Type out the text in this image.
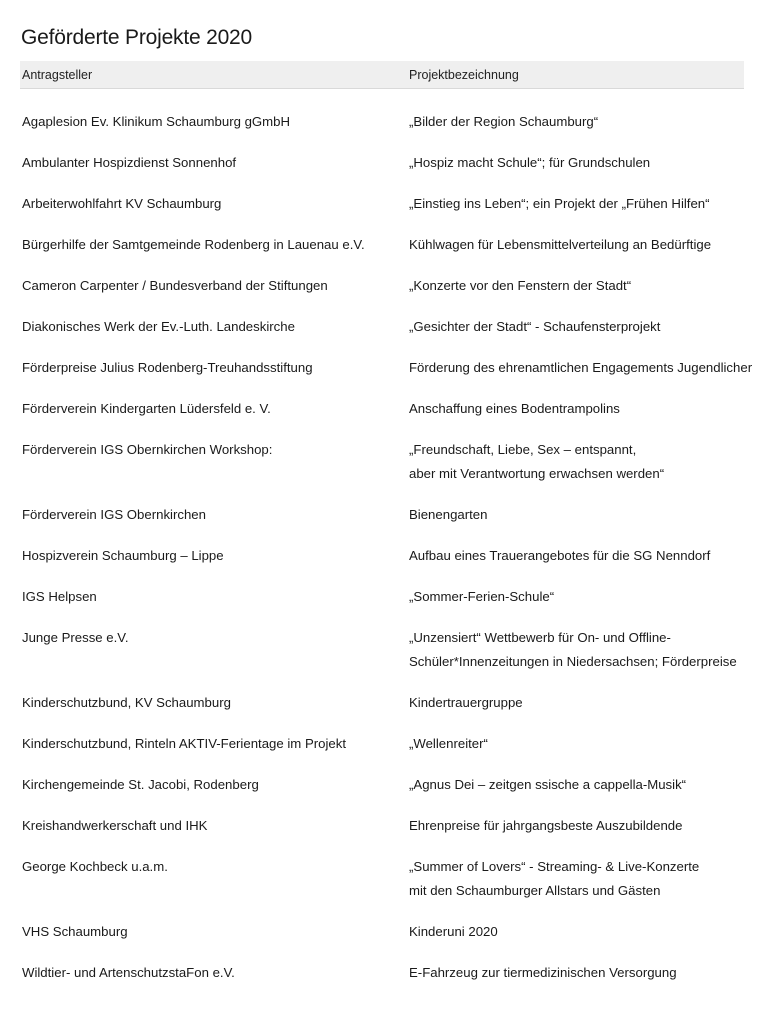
Geförderte Projekte 2020
Antragsteller	Projektbezeichnung
Agaplesion Ev. Klinikum Schaumburg gGmbH	„Bilder der Region Schaumburg“
Ambulanter Hospizdienst Sonnenhof	„Hospiz macht Schule“; für Grundschulen
Arbeiterwohlfahrt KV Schaumburg	„Einstieg ins Leben“; ein Projekt der „Frühen Hilfen“
Bürgerhilfe der Samtgemeinde Rodenberg in Lauenau e.V.	Kühlwagen für Lebensmittelverteilung an Bedürftige
Cameron Carpenter / Bundesverband der Stiftungen	„Konzerte vor den Fenstern der Stadt“
Diakonisches Werk der Ev.-Luth. Landeskirche	„Gesichter der Stadt“ - Schaufensterprojekt
Förderpreise Julius Rodenberg-Treuhandsstiftung	Förderung des ehrenamtlichen Engagements Jugendlicher
Förderverein Kindergarten Lüdersfeld e. V.	Anschaffung eines Bodentrampolins
Förderverein IGS Obernkirchen Workshop:	„Freundschaft, Liebe, Sex – entspannt,
aber mit Verantwortung erwachsen werden“
Förderverein IGS Obernkirchen	Bienengarten
Hospizverein Schaumburg – Lippe	Aufbau eines Trauerangebotes für die SG Nenndorf
IGS Helpsen	„Sommer-Ferien-Schule“
Junge Presse e.V.	„Unzensiert“ Wettbewerb für On- und Offline-
Schüler*Innenzeitungen in Niedersachsen; Förderpreise
Kinderschutzbund, KV Schaumburg	Kindertrauergruppe
Kinderschutzbund, Rinteln AKTIV-Ferientage im Projekt	„Wellenreiter“
Kirchengemeinde St. Jacobi, Rodenberg	„Agnus Dei – zeitgen ssische a cappella-Musik“
Kreishandwerkerschaft und IHK	Ehrenpreise für jahrgangsbeste Auszubildende
George Kochbeck u.a.m.	„Summer of Lovers“ - Streaming- & Live-Konzerte
mit den Schaumburger Allstars und Gästen
VHS Schaumburg	Kinderuni 2020
Wildtier- und ArtenschutzstaFon e.V.	E-Fahrzeug zur tiermedizinischen Versorgung
